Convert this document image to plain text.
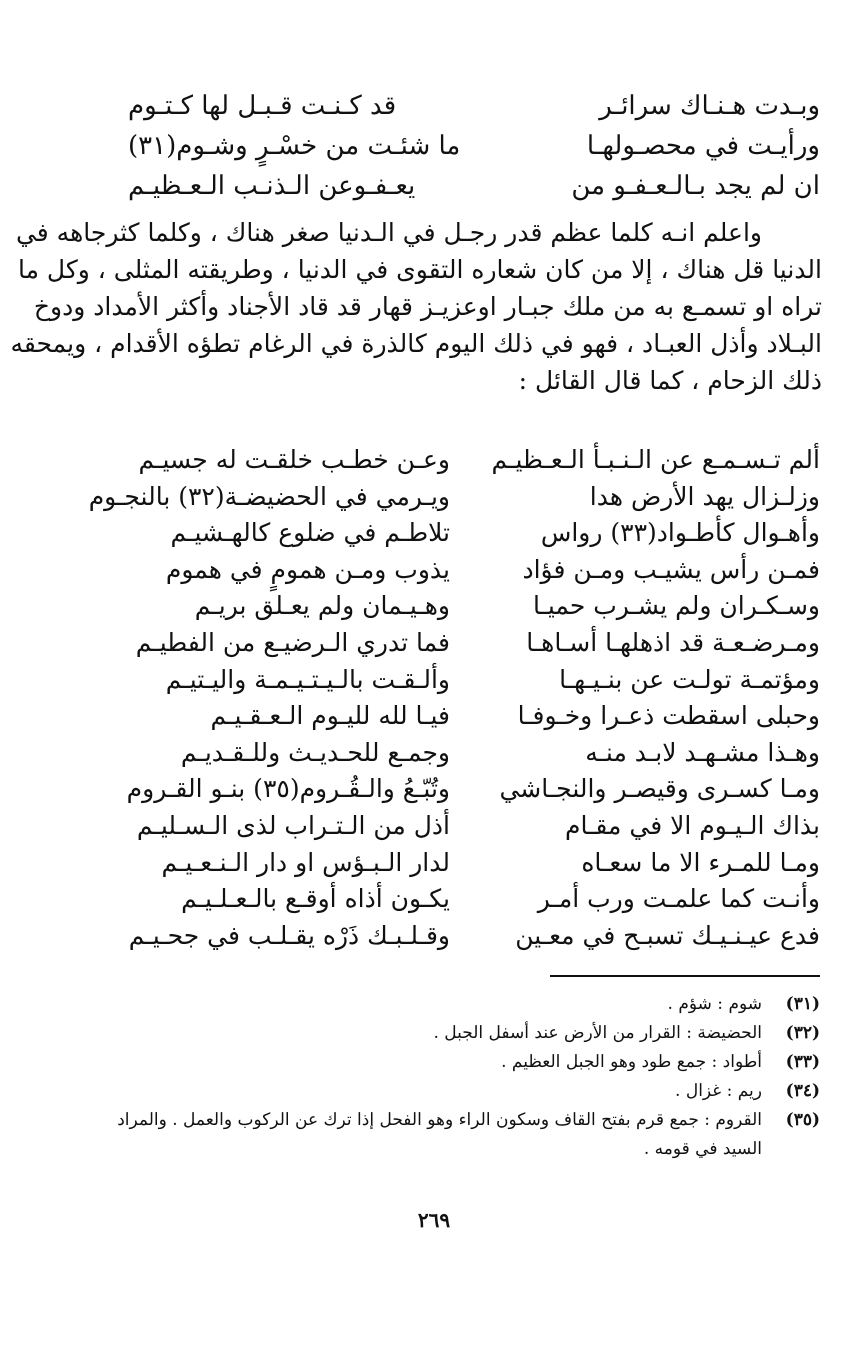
وبـدت هـنـاك سرائـر
قد كـنـت قـبـل لها كـتـوم
ورأيـت في محصـولهـا
ما شئـت من خسْـرٍ وشـوم(٣١)
ان لم يجد بـالـعـفـو من
يعـفـوعن الـذنـب الـعـظيـم
واعلم انـه كلما عظم قدر رجـل في الـدنيا صغر هناك ، وكلما كثرجاهه في
الدنيا قل هناك ، إلا من كان شعاره التقوى في الدنيا ، وطريقته المثلى ، وكل ما
تراه او تسمـع به من ملك جبـار اوعزيـز قهار قد قاد الأجناد وأكثر الأمداد ودوخ
البـلاد وأذل العبـاد ، فهو في ذلك اليوم كالذرة في الرغام تطؤه الأقدام ، ويمحقه
ذلك الزحام ، كما قال القائل :
ألم تـسـمـع عن الـنـبـأ الـعـظيـم
وزلـزال يهد الأرض هدا
وأهـوال كأطـواد(٣٣) رواس
فمـن رأس يشيـب ومـن فؤاد
وسـكـران ولم يشـرب حميـا
ومـرضـعـة قد اذهلهـا أسـاهـا
ومؤتمـة تولـت عن بنـيـهـا
وحبلى اسقطت ذعـرا وخـوفـا
وهـذا مشـهـد لابـد منـه
ومـا كسـرى وقيصـر والنجـاشي
بذاك الـيـوم الا في مقـام
ومـا للمـرء الا ما سعـاه
وأنـت كما علمـت ورب أمـر
فدع عيـنـيـك تسبـح في معـين
وعـن خطـب خلقـت له جسيـم
ويـرمي في الحضيضـة(٣٢) بالنجـوم
تلاطـم في ضلوع كالهـشيـم
يذوب ومـن همومٍ في هموم
وهـيـمان ولم يعـلق بريـم
فما تدري الـرضيـع من الفطيـم
وألـقـت بالـيـتـيـمـة واليـتيـم
فيـا لله لليـوم الـعـقـيـم
وجمـع للحـديـث وللـقـديـم
وتُبّـعُ والـقُـروم(٣٥) بنـو القـروم
أذل من الـتـراب لذى الـسـليـم
لدار الـبـؤس او دار الـنـعـيـم
يكـون أذاه أوقـع بالـعـلـيـم
وقـلـبـك ذَرْه يقـلـب في جحـيـم
(٣١)
شوم : شؤم .
(٣٢)
الحضيضة : القرار من الأرض عند أسفل الجبل .
(٣٣)
أطواد : جمع طود وهو الجبل العظيم .
(٣٤)
ريم : غزال .
(٣٥)
القروم : جمع قرم بفتح القاف وسكون الراء وهو الفحل إذا ترك عن الركوب والعمل . والمراد السيد في قومه .
٢٦٩
